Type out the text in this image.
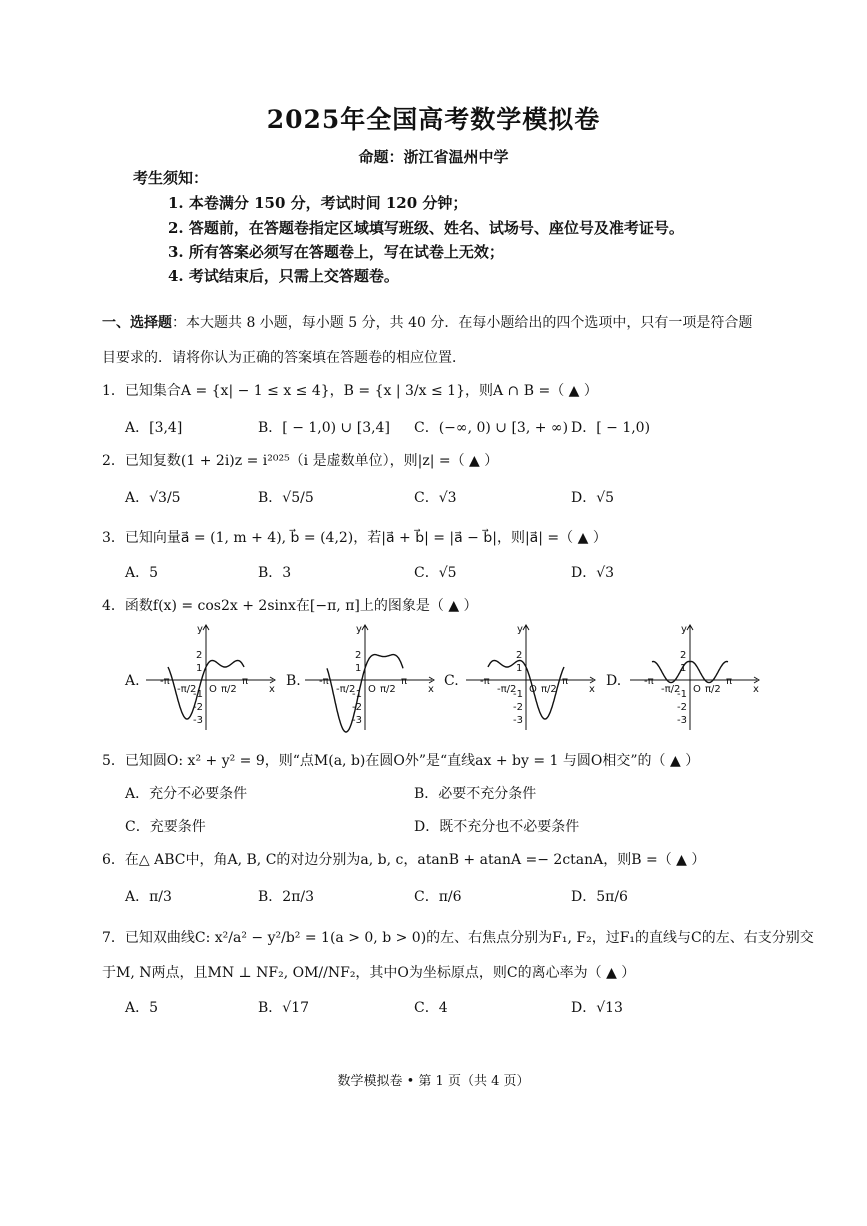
2025年全国高考数学模拟卷
命题：浙江省温州中学
考生须知：
1. 本卷满分 150 分，考试时间 120 分钟；
2. 答题前，在答题卷指定区域填写班级、姓名、试场号、座位号及准考证号。
3. 所有答案必须写在答题卷上，写在试卷上无效；
4. 考试结束后，只需上交答题卷。
一、选择题：本大题共 8 小题，每小题 5 分，共 40 分．在每小题给出的四个选项中，只有一项是符合题
目要求的．请将你认为正确的答案填在答题卷的相应位置．
1．已知集合A = {x| − 1 ≤ x ≤ 4}，B = {x | 3/x ≤ 1}，则A ∩ B =（ ▲ ）
A．[3,4]	B．[ − 1,0) ∪ [3,4] C．(−∞, 0) ∪ [3, + ∞) D．[ − 1,0)
2．已知复数(1 + 2i)z = i²⁰²⁵（i 是虚数单位），则|z| =（ ▲ ）
A．√3/5	B．√5/5	C．√3	D．√5
3．已知向量a⃗ = (1, m + 4), b⃗ = (4,2)，若|a⃗ + b⃗| = |a⃗ − b⃗|，则|a⃗| =（ ▲ ）
A．5	B．3	C．√5	D．√3
4．函数f(x) = cos2x + 2sinx在[−π, π]上的图象是（ ▲ ）
A.	B.	C.	D.
y
x
O
2
1
-1
-2
-3
-π	π
-π/2 π/2
y
x
O
2
1
-1
-2
-3
-π	π
-π/2 π/2
y
x
O
2
1
-1
-2
-3
-π	π
-π/2 π/2
y
x
O
2
1
-1
-2
-3
-π	π
-π/2 π/2
5．已知圆O: x² + y² = 9，则“点M(a, b)在圆O外”是“直线ax + by = 1 与圆O相交”的（ ▲ ）
A．充分不必要条件	B．必要不充分条件
C．充要条件	D．既不充分也不必要条件
6．在△ ABC中，角A, B, C的对边分别为a, b, c，atanB + atanA =− 2ctanA，则B =（ ▲ ）
A．π/3	B．2π/3	C．π/6	D．5π/6
7．已知双曲线C: x²/a² − y²/b² = 1(a > 0, b > 0)的左、右焦点分别为F₁, F₂，过F₁的直线与C的左、右支分别交
于M, N两点，且MN ⊥ NF₂, OM//NF₂，其中O为坐标原点，则C的离心率为（ ▲ ）
A．5	B．√17	C．4	D．√13
数学模拟卷 • 第 1 页（共 4 页）
